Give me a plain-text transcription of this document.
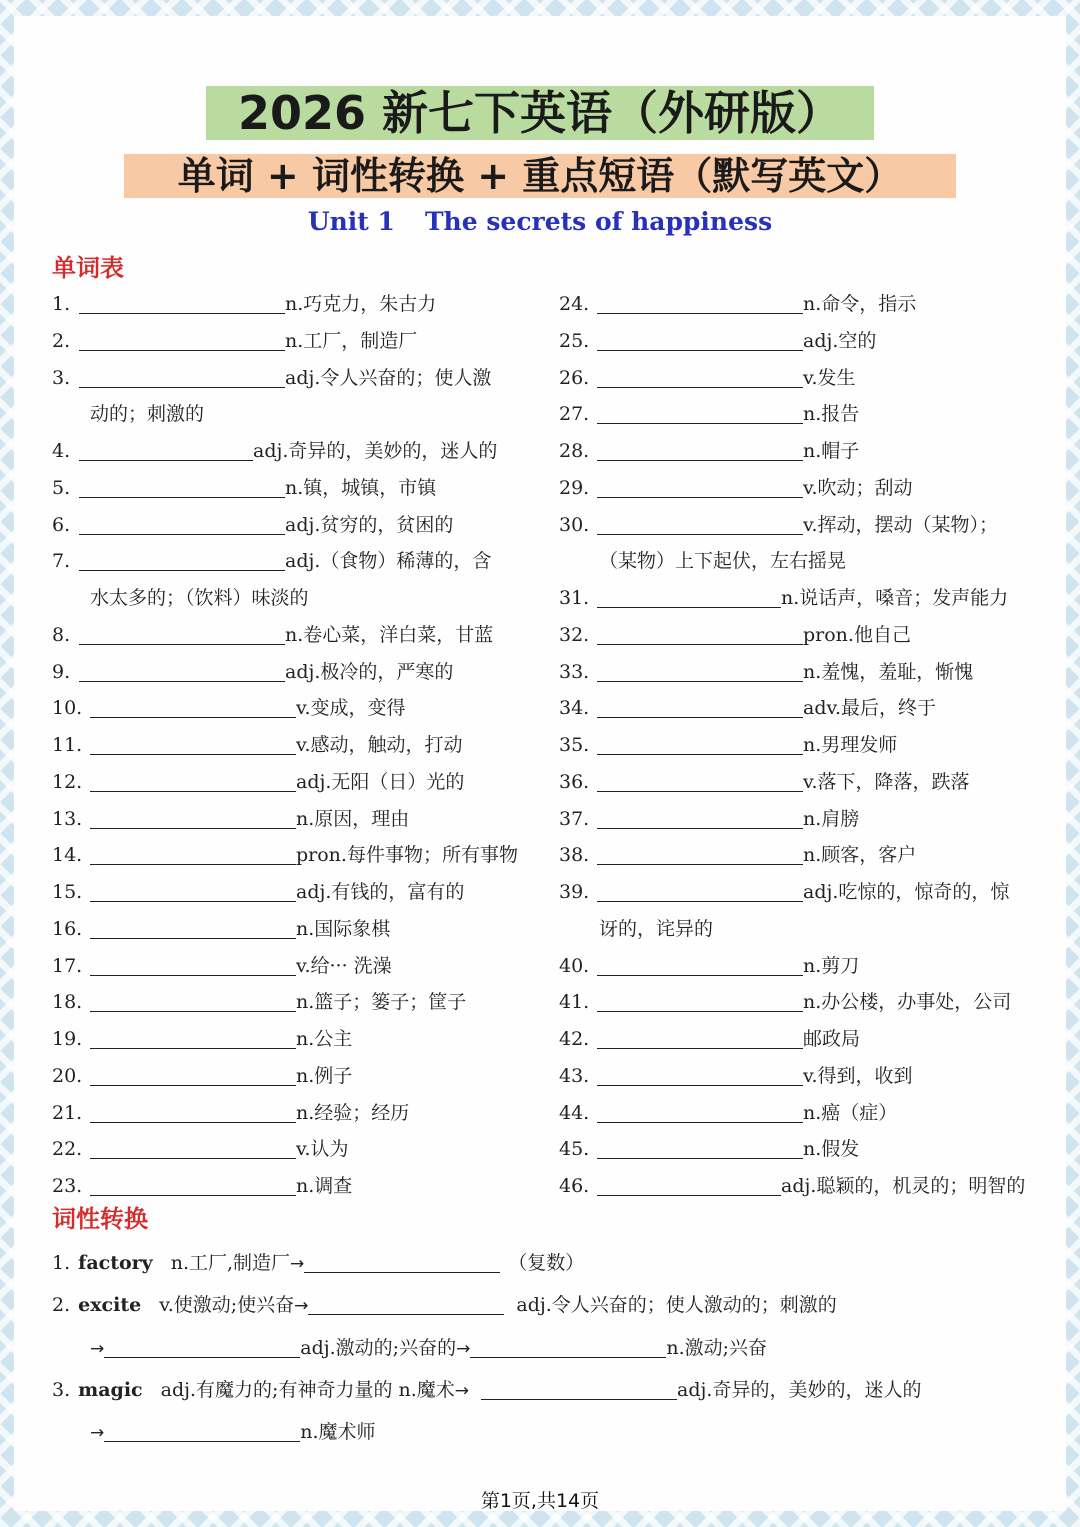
2026 新七下英语（外研版）
单词 + 词性转换 + 重点短语（默写英文）
Unit 1 The secrets of happiness
单词表
1.	n.巧克力，朱古力
2.	n.工厂，制造厂
3.	adj.令人兴奋的；使人激
动的；刺激的
4.	adj.奇异的，美妙的，迷人的
5.	n.镇，城镇，市镇
6.	adj.贫穷的，贫困的
7.	adj.（食物）稀薄的，含
水太多的；（饮料）味淡的
8.	n.卷心菜，洋白菜，甘蓝
9.	adj.极冷的，严寒的
10.	v.变成，变得
11.	v.感动，触动，打动
12.	adj.无阳（日）光的
13.	n.原因，理由
14.	pron.每件事物；所有事物
15.	adj.有钱的，富有的
16.	n.国际象棋
17.	v.给··· 洗澡
18.	n.篮子；篓子；筐子
19.	n.公主
20.	n.例子
21.	n.经验；经历
22.	v.认为
23.	n.调查
24.	n.命令，指示
25.	adj.空的
26.	v.发生
27.	n.报告
28.	n.帽子
29.	v.吹动；刮动
30.	v.挥动，摆动（某物）；
（某物）上下起伏，左右摇晃
31.	n.说话声，嗓音；发声能力
32.	pron.他自己
33.	n.羞愧，羞耻，惭愧
34.	adv.最后，终于
35.	n.男理发师
36.	v.落下，降落，跌落
37.	n.肩膀
38.	n.顾客，客户
39.	adj.吃惊的，惊奇的，惊
讶的，诧异的
40.	n.剪刀
41.	n.办公楼，办事处，公司
42.	邮政局
43.	v.得到，收到
44.	n.癌（症）
45.	n.假发
46.	adj.聪颖的，机灵的；明智的
词性转换
1. factory n.工厂,制造厂→	（复数）
2. excite v.使激动;使兴奋→	adj.令人兴奋的；使人激动的；刺激的
→	adj.激动的;兴奋的→	n.激动;兴奋
3. magic adj.有魔力的;有神奇力量的 n.魔术→	adj.奇异的，美妙的，迷人的
→	n.魔术师
第1页,共14页
